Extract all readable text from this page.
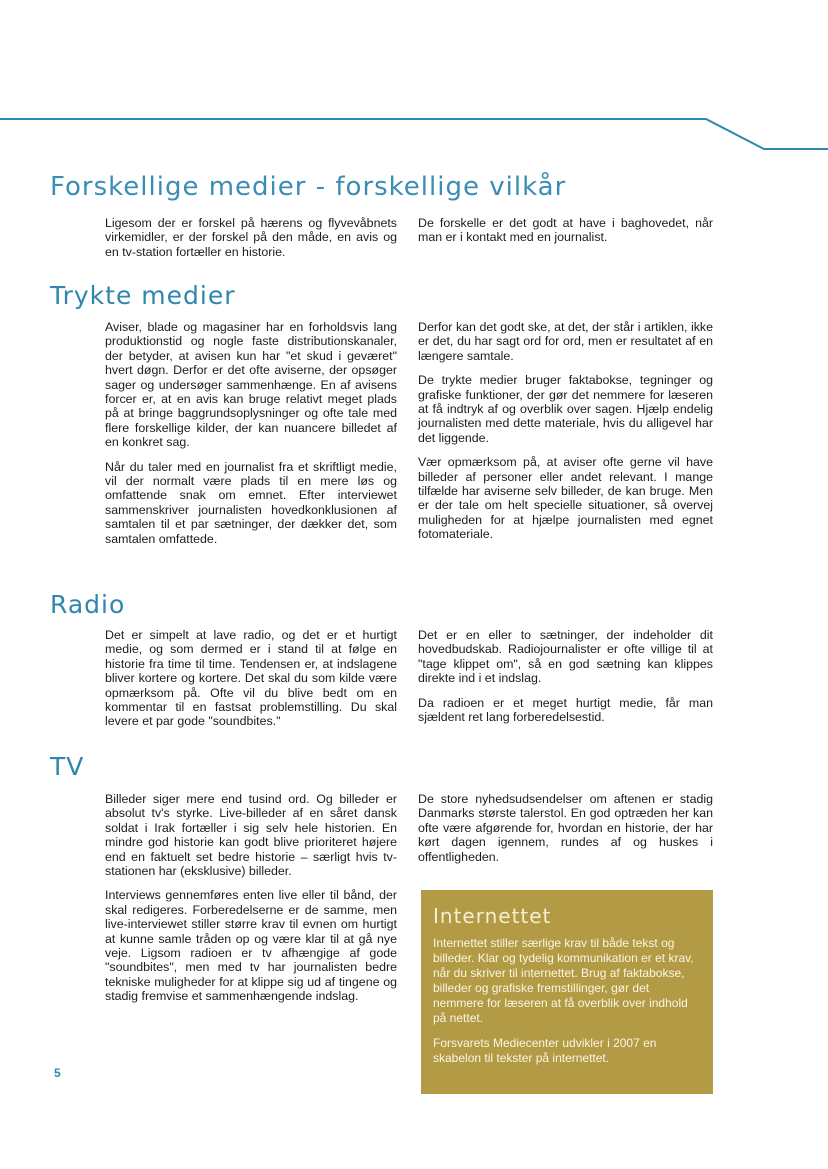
Forskellige medier - forskellige vilkår

Ligesom der er forskel på hærens og flyvevåbnets virkemidler, er der forskel på den måde, en avis og en tv-station fortæller en historie.

De forskelle er det godt at have i baghovedet, når man er i kontakt med en journalist.

Trykte medier

Aviser, blade og magasiner har en forholdsvis lang produktionstid og nogle faste distributionskanaler, der betyder, at avisen kun har "et skud i geværet" hvert døgn. Derfor er det ofte aviserne, der opsøger sager og undersøger sammenhænge. En af avisens forcer er, at en avis kan bruge relativt meget plads på at bringe baggrundsoplysninger og ofte tale med flere forskellige kilder, der kan nuancere billedet af en konkret sag.

Når du taler med en journalist fra et skriftligt medie, vil der normalt være plads til en mere løs og omfattende snak om emnet. Efter interviewet sammenskriver journalisten hovedkonklusionen af samtalen til et par sætninger, der dækker det, som samtalen omfattede.

Derfor kan det godt ske, at det, der står i artiklen, ikke er det, du har sagt ord for ord, men er resultatet af en længere samtale.

De trykte medier bruger faktabokse, tegninger og grafiske funktioner, der gør det nemmere for læseren at få indtryk af og overblik over sagen. Hjælp endelig journalisten med dette materiale, hvis du alligevel har det liggende.

Vær opmærksom på, at aviser ofte gerne vil have billeder af personer eller andet relevant. I mange tilfælde har aviserne selv billeder, de kan bruge. Men er der tale om helt specielle situationer, så overvej muligheden for at hjælpe journalisten med egnet fotomateriale.

Radio

Det er simpelt at lave radio, og det er et hurtigt medie, og som dermed er i stand til at følge en historie fra time til time. Tendensen er, at indslagene bliver kortere og kortere. Det skal du som kilde være opmærksom på. Ofte vil du blive bedt om en kommentar til en fastsat problemstilling. Du skal levere et par gode "soundbites."

Det er en eller to sætninger, der indeholder dit hovedbudskab. Radiojournalister er ofte villige til at "tage klippet om", så en god sætning kan klippes direkte ind i et indslag.

Da radioen er et meget hurtigt medie, får man sjældent ret lang forberedelsestid.

TV

Billeder siger mere end tusind ord. Og billeder er absolut tv's styrke. Live-billeder af en såret dansk soldat i Irak fortæller i sig selv hele historien. En mindre god historie kan godt blive prioriteret højere end en faktuelt set bedre historie – særligt hvis tv-stationen har (eksklusive) billeder.

Interviews gennemføres enten live eller til bånd, der skal redigeres. Forberedelserne er de samme, men live-interviewet stiller større krav til evnen om hurtigt at kunne samle tråden op og være klar til at gå nye veje. Ligsom radioen er tv afhængige af gode "soundbites", men med tv har journalisten bedre tekniske muligheder for at klippe sig ud af tingene og stadig fremvise et sammenhængende indslag.

De store nyhedsudsendelser om aftenen er stadig Danmarks største talerstol. En god optræden her kan ofte være afgørende for, hvordan en historie, der har kørt dagen igennem, rundes af og huskes i offentligheden.

Internettet

Internettet stiller særlige krav til både tekst og billeder. Klar og tydelig kommunikation er et krav, når du skriver til internettet. Brug af faktabokse, billeder og grafiske fremstillinger, gør det nemmere for læseren at få overblik over indhold på nettet.

Forsvarets Mediecenter udvikler i 2007 en skabelon til tekster på internettet.

5
